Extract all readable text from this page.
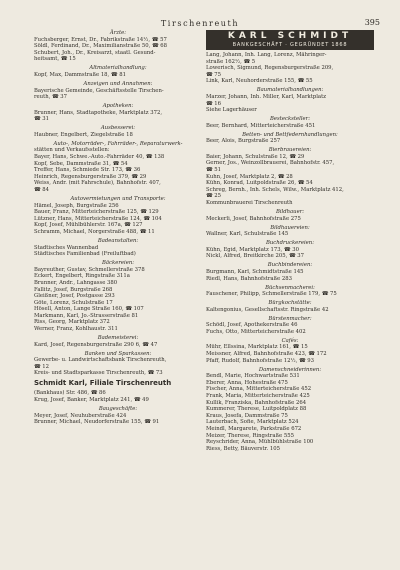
Tirschenreuth	395
Ärzte:
Fuchsberger, Ernst, Dr., Fabrikstraße 14½, ☎ 57
Söldl, Ferdinand, Dr., Maximilianstraße 50, ☎ 68
Schubert, Joh., Dr., Kreisarzt, staatl. Gesund-
heitsamt, ☎ 15
Altmaterialhandlung:
Kopf, Max, Dammstraße 18, ☎ 81
Anzeigen und Annahmen:
Bayerische Gemeinde, Geschäftsstelle Tirschen-
reuth, ☎ 37
Apotheken:
Brunner, Hans, Stadtapotheke, Marktplatz 372,
☎ 31
Ausbesserei:
Haubner, Engelbert, Ziegelstraße 18
Auto-, Motorräder-, Fahrräder-, Reparaturwerk-
stätten und Verkaufsstellen:
Bayer, Hans, Schwe.-Auto.-Fahrräder 40, ☎ 138
Kopf, Sebe, Dammstraße 31, ☎ 54
Treffer, Hans, Schmiede Str. 173, ☎ 36
Heinrich, Regensburgerstraße 379, ☎ 29
Weiss, Andr. (mit Fahrschule), Bahnhofstr. 407,
☎ 84
Autovermietungen und Transporte:
Hämel, Joseph, Burgstraße 256
Bauer, Franz, Mitterteicherstraße 125, ☎ 129
Lützner, Hans, Mitterteicherstraße 124, ☎ 104
Kopf, Josef, Mühlbühlerstr. 167a, ☎ 127
Schramm, Michael, Norgerstraße 488, ☎ 11
Badeanstalten:
Stadtisches Wannenbad
Städtisches Familienbad (Freiluftbad)
Bäckereien:
Bayreuther, Gustav, Schmellerstraße 378
Eckert, Engelbert, Ringstraße 311a
Brunner, Andr., Lahngasse 380
Fallitz, Josef, Burgstraße 268
Gleißner, Josef, Postgasse 293
Göte, Lorenz, Schulstraße 17
Hösell, Anton, Lange Straße 160, ☎ 107
Markmann, Karl, Jo.-Strasserstraße 81
Riss, Georg, Marktplatz 372
Werner, Franz, Kohlhaustr. 311
Bademeisterei:
Kard, Josef, Regensburgerstraße 290 6, ☎ 47
Banken und Sparkassen:
Gewerbe- u. Landwirtschaftsbank Tirschenreuth,
☎ 12
Kreis- und Stadtsparkasse Tirschenreuth, ☎ 73
Schmidt Karl, Filiale Tirschenreuth
(Bankhaus) Str. 486, ☎ 86
Krug, Josef, Banker, Marktplatz 241, ☎ 49
Baugeschäfte:
Meyer, Josef, Neuhuberstraße 424
Brunner, Michael, Neudorferstraße 155, ☎ 91
KARL SCHMIDT
BANKGESCHÄFT · GEGRÜNDET 1868
Lang, Johann, Inh. Lang, Lorenz, Mähringer-
straße 162½, ☎ 5
Lowerisch, Sigmund, Regensburgerstraße 209,
☎ 75
Link, Karl, Neuhorderstraße 155, ☎ 55
Baumaterialhandlungen:
Marzer, Johann, Inh. Miller, Karl, Marktplatz
☎ 16
Siehe Lagerhäuser
Bestecksteller:
Beer, Bernhard, Mitterteicherstraße 451
Betten- und Bettfedernhandlungen:
Beer, Alois, Burgstraße 257
Bierbrauereien:
Baier, Johann, Schulstraße 12, ☎ 29
Gerner, Jos., Weinzollbrauerei, Bahnhofstr. 457,
☎ 51
Kuhn, Josef, Marktplatz 2, ☎ 28
Kühn, Konrad, Luitpoldstraße 26, ☎ 54
Schreg, Bernh., Inh. Schels, Wilw., Marktplatz 412,
☎ 25
Kommunbrauerei Tirschenreuth
Bildhauer:
Meckerli, Josef, Bahnhofstraße 275
Bildhauereien:
Wallner, Karl, Schulstraße 145
Buchdruckereien:
Kühn, Egid, Marktplatz 173, ☎ 30
Nickl, Alfred, Breitkirche 205, ☎ 37
Buchbindereien:
Burgmann, Karl, Schmidtstraße 145
Riedl, Hans, Bahnhofstraße 283
Büchsenmacherei:
Fauschener, Philipp, Schmellerstraße 179, ☎ 75
Bürgkochstätte:
Kaltengonius, Gesellschaftsstr. Ringstraße 42
Bürstenmacher:
Schödl, Josef, Apothekerstraße 46
Fuchs, Otto, Mitterteicherstraße 402
Cafés:
Mühr, Ellssina, Marktplatz 161, ☎ 15
Meissner, Alfred, Bahnhofstraße 423, ☎ 172
Pfaff, Rudolf, Bahnhofstraße 12½, ☎ 93
Damenschneiderinnen:
Bendl, Marie, Hochwartstraße 531
Eberer, Anna, Hohestraße 475
Fischer, Anna, Mitterteicherstraße 452
Frank, Maria, Mitterteicherstraße 425
Kullik, Franziska, Bahnhofstraße 264
Kummerer, Therese, Luitpoldplatz 88
Kraus, Josefa, Dammstraße 75
Lauterbach, Sofie, Marktplatz 524
Meindl, Margarete, Parkstraße 672
Meizer, Therese, Ringstraße 555
Reyschrider, Anna, Mühlbühlstraße 100
Riess, Betty, Bäuverstr. 105
